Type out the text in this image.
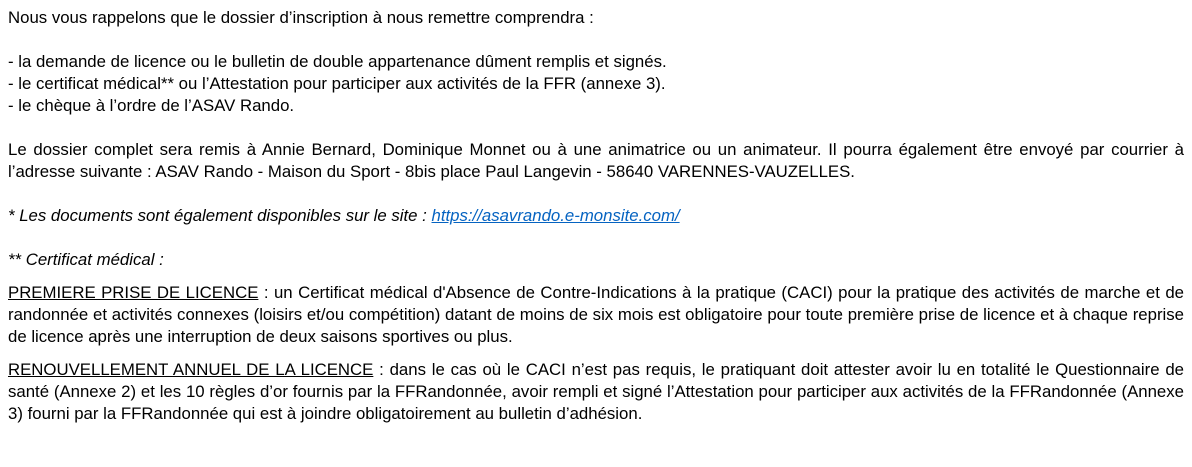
Nous vous rappelons que le dossier d’inscription à nous remettre comprendra :

- la demande de licence ou le bulletin de double appartenance dûment remplis et signés.

- le certificat médical** ou l’Attestation pour participer aux activités de la FFR (annexe 3).

- le chèque à l’ordre de l’ASAV Rando.

Le dossier complet sera remis à Annie Bernard, Dominique Monnet ou à une animatrice ou un animateur. Il pourra également être envoyé par courrier à l’adresse suivante : ASAV Rando - Maison du Sport - 8bis place Paul Langevin - 58640 VARENNES-VAUZELLES.

* Les documents sont également disponibles sur le site : https://asavrando.e-monsite.com/

** Certificat médical :

PREMIERE PRISE DE LICENCE : un Certificat médical d'Absence de Contre-Indications à la pratique (CACI) pour la pratique des activités de marche et de randonnée et activités connexes (loisirs et/ou compétition) datant de moins de six mois est obligatoire pour toute première prise de licence et à chaque reprise de licence après une interruption de deux saisons sportives ou plus.

RENOUVELLEMENT ANNUEL DE LA LICENCE : dans le cas où le CACI n’est pas requis, le pratiquant doit attester avoir lu en totalité le Questionnaire de santé (Annexe 2) et les 10 règles d’or fournis par la FFRandonnée, avoir rempli et signé l’Attestation pour participer aux activités de la FFRandonnée (Annexe 3) fourni par la FFRandonnée qui est à joindre obligatoirement au bulletin d’adhésion.
